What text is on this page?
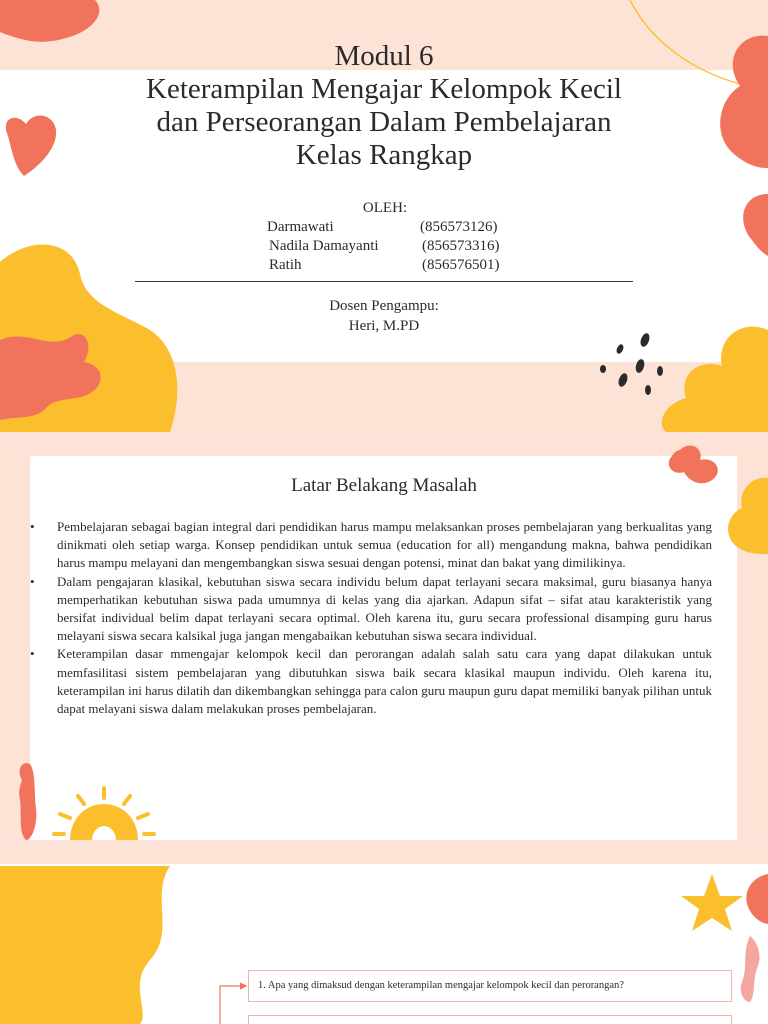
Modul 6
Keterampilan Mengajar Kelompok Kecil
dan Perseorangan Dalam Pembelajaran
Kelas Rangkap
OLEH:
Darmawati	(856573126)
Nadila Damayanti	(856573316)
Ratih	(856576501)
Dosen Pengampu:
Heri, M.PD
Latar Belakang Masalah
• Pembelajaran sebagai bagian integral dari pendidikan harus mampu melaksankan proses pembelajaran yang berkualitas yang dinikmati oleh setiap warga. Konsep pendidikan untuk semua (education for all) mengandung makna, bahwa pendidikan harus mampu melayani dan mengembangkan siswa sesuai dengan potensi, minat dan bakat yang dimilikinya.
• Dalam pengajaran klasikal, kebutuhan siswa secara individu belum dapat terlayani secara maksimal, guru biasanya hanya memperhatikan kebutuhan siswa pada umumnya di kelas yang dia ajarkan. Adapun sifat – sifat atau karakteristik yang bersifat individual belim dapat terlayani secara optimal. Oleh karena itu, guru secara professional disamping guru harus melayani siswa secara kalsikal juga jangan mengabaikan kebutuhan siswa secara individual.
• Keterampilan dasar mmengajar kelompok kecil dan perorangan adalah salah satu cara yang dapat dilakukan untuk memfasilitasi sistem pembelajaran yang dibutuhkan siswa baik secara klasikal maupun individu. Oleh karena itu, keterampilan ini harus dilatih dan dikembangkan sehingga para calon guru maupun guru dapat memiliki banyak pilihan untuk dapat melayani siswa dalam melakukan proses pembelajaran.
1. Apa yang dimaksud dengan keterampilan mengajar kelompok kecil dan perorangan?
